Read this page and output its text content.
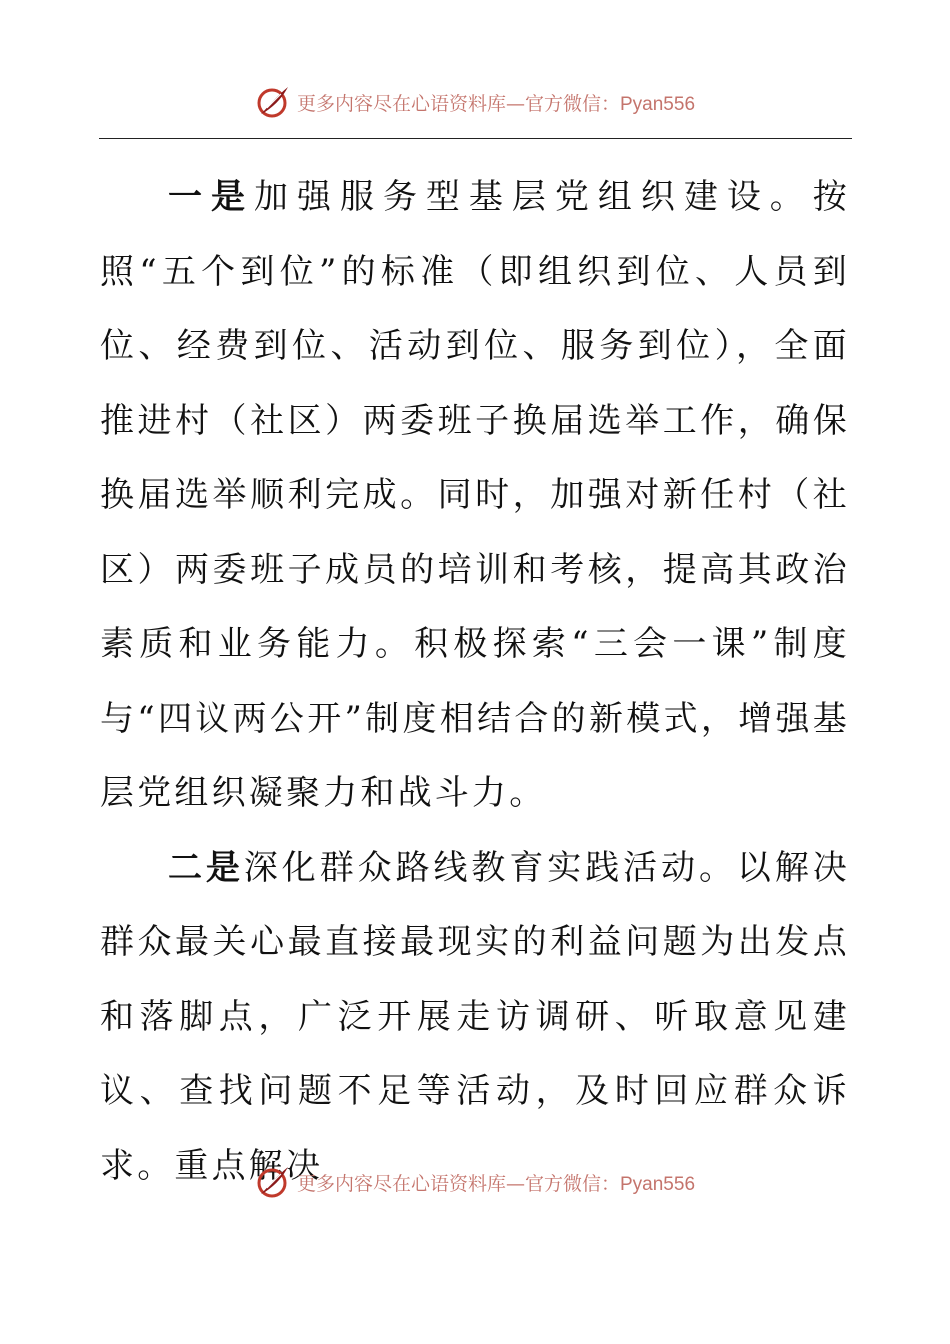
更多内容尽在心语资料库—官方微信：Pyan556

一是加强服务型基层党组织建设。按照“五个到位”的标准（即组织到位、人员到位、经费到位、活动到位、服务到位），全面推进村（社区）两委班子换届选举工作，确保换届选举顺利完成。同时，加强对新任村（社区）两委班子成员的培训和考核，提高其政治素质和业务能力。积极探索“三会一课”制度与“四议两公开”制度相结合的新模式，增强基层党组织凝聚力和战斗力。

二是深化群众路线教育实践活动。以解决群众最关心最直接最现实的利益问题为出发点和落脚点，广泛开展走访调研、听取意见建议、查找问题不足等活动，及时回应群众诉求。重点解决

更多内容尽在心语资料库—官方微信：Pyan556
